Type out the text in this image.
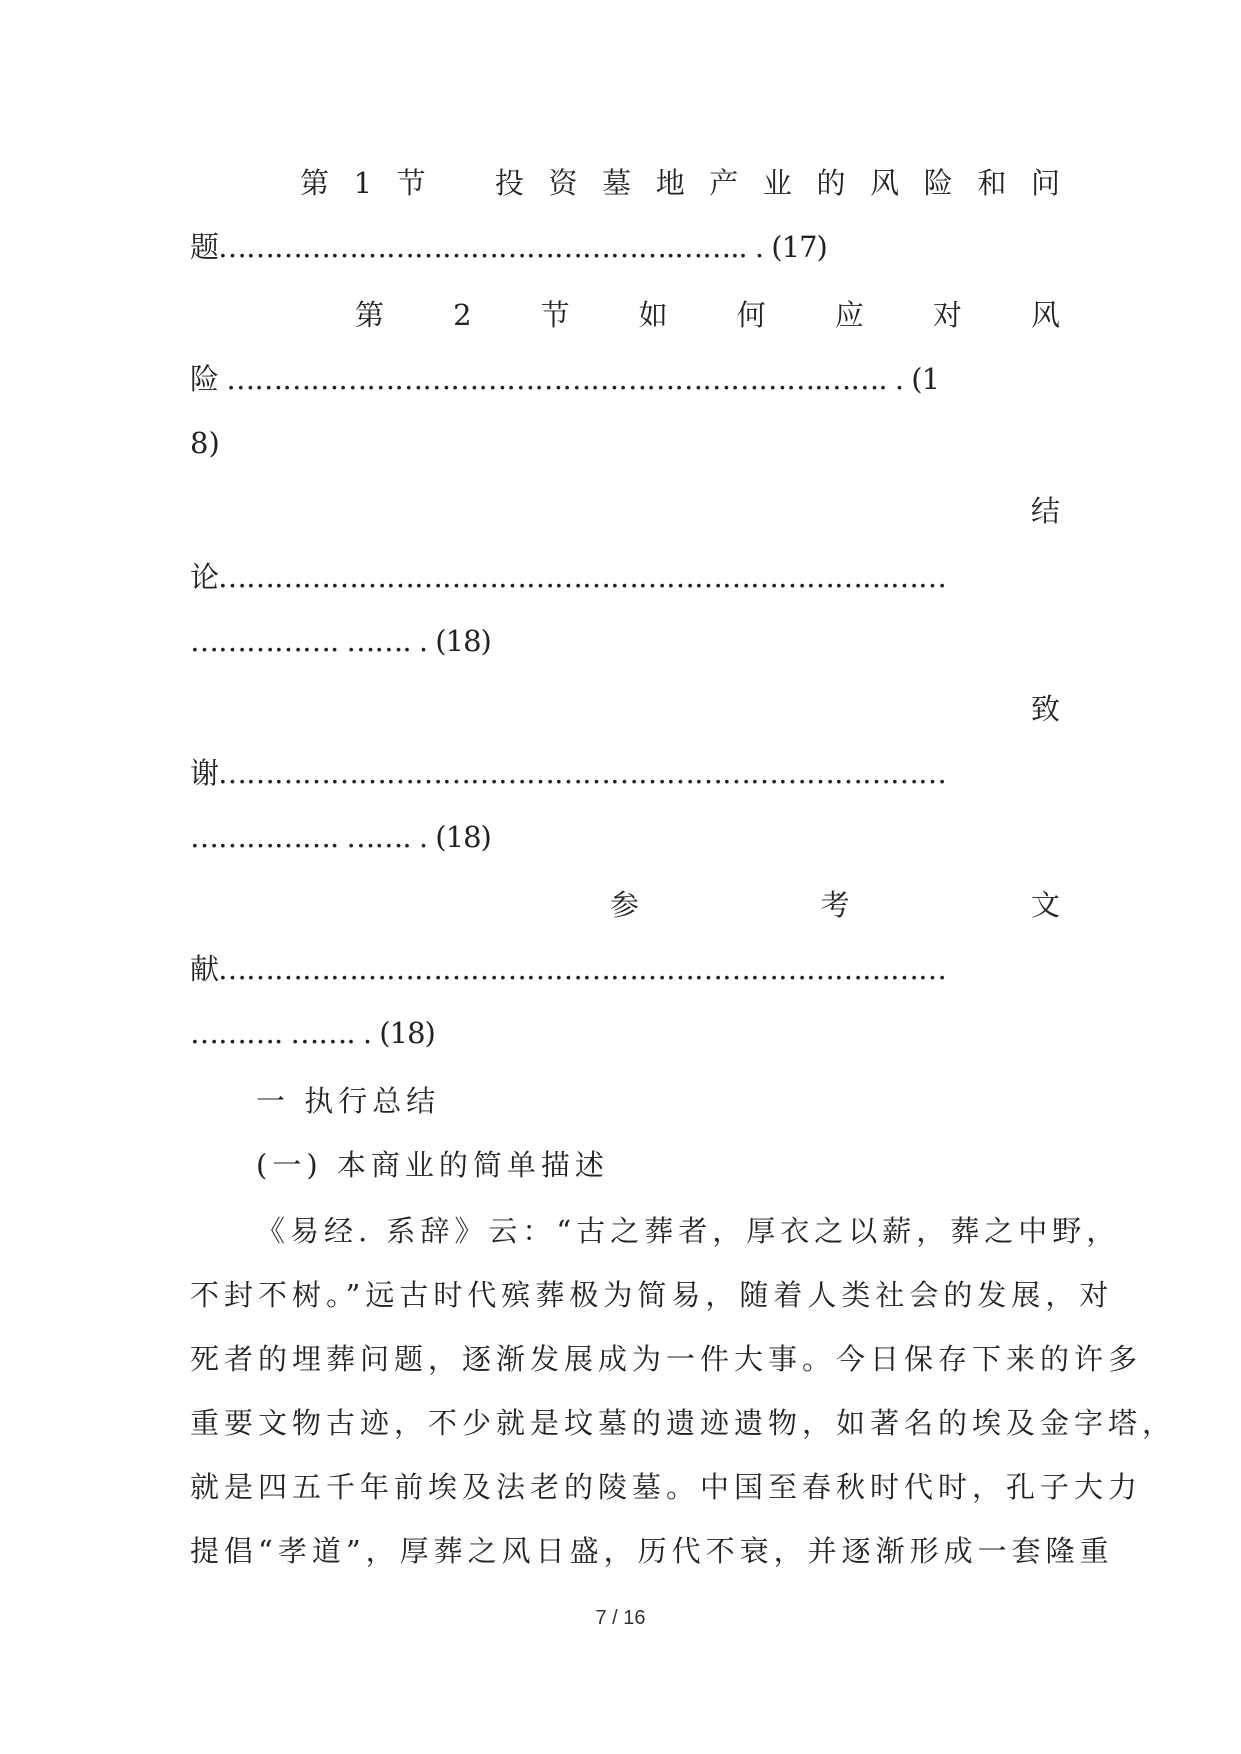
第 1 节 投 资 墓 地 产 业 的 风 险 和 问
题………………………………………….…….. . (17)
第 2 节 如 何 应 对 风
险 ……………………………………………………….……. . (1
8)
结
论……………………………………………………………………
……………. ……. . (18)
致
谢……………………………………………………………………
……………. ……. . (18)
参	考	文
献……………………………………………………………………
………. ……. . (18)
一 执行总结
(一) 本商业的简单描述
《易经. 系辞》云：“古之葬者，厚衣之以薪，葬之中野，
不封不树。”远古时代殡葬极为简易，随着人类社会的发展，对
死者的埋葬问题，逐渐发展成为一件大事。今日保存下来的许多
重要文物古迹，不少就是坟墓的遗迹遗物，如著名的埃及金字塔，
就是四五千年前埃及法老的陵墓。中国至春秋时代时，孔子大力
提倡“孝道”，厚葬之风日盛，历代不衰，并逐渐形成一套隆重
7 / 16
